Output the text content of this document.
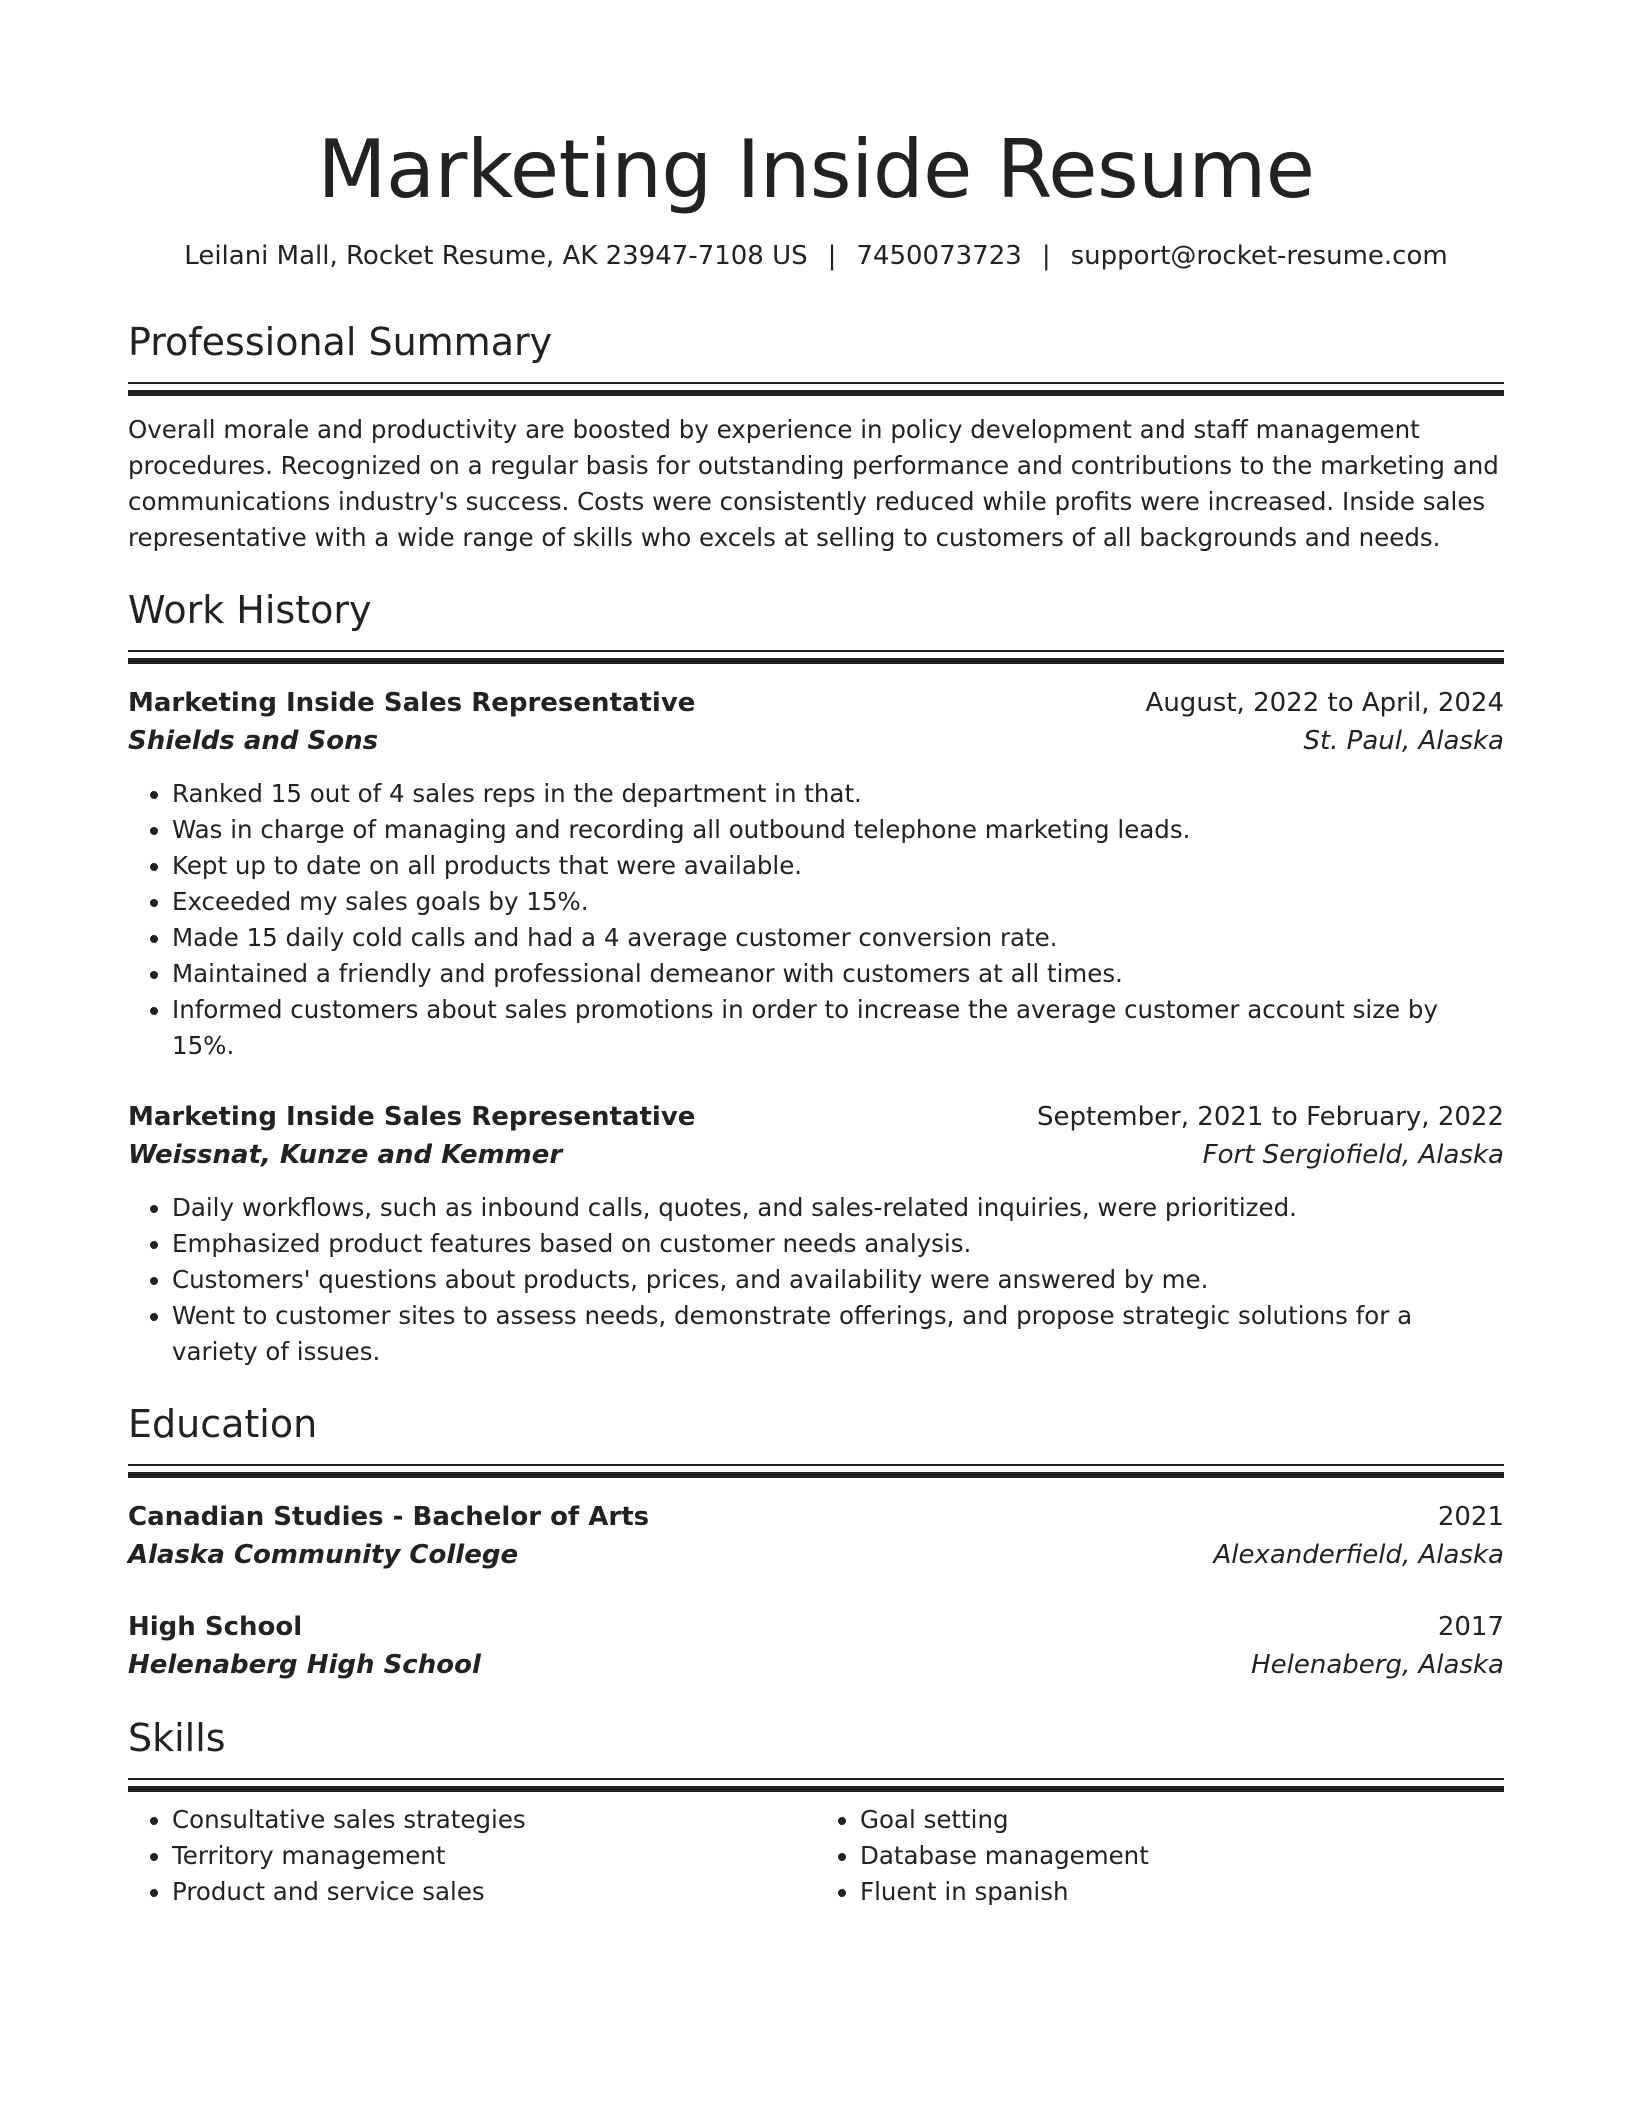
Marketing Inside Resume
Leilani Mall, Rocket Resume, AK 23947-7108 US | 7450073723 | support@rocket-resume.com
Professional Summary

Overall morale and productivity are boosted by experience in policy development and staff management procedures. Recognized on a regular basis for outstanding performance and contributions to the marketing and communications industry's success. Costs were consistently reduced while profits were increased. Inside sales representative with a wide range of skills who excels at selling to customers of all backgrounds and needs.

Work History
Marketing Inside Sales Representative	August, 2022 to April, 2024
Shields and Sons	St. Paul, Alaska
• Ranked 15 out of 4 sales reps in the department in that.
• Was in charge of managing and recording all outbound telephone marketing leads.
• Kept up to date on all products that were available.
• Exceeded my sales goals by 15%.
• Made 15 daily cold calls and had a 4 average customer conversion rate.
• Maintained a friendly and professional demeanor with customers at all times.
• Informed customers about sales promotions in order to increase the average customer account size by 15%.
Marketing Inside Sales Representative	September, 2021 to February, 2022
Weissnat, Kunze and Kemmer	Fort Sergiofield, Alaska
• Daily workflows, such as inbound calls, quotes, and sales-related inquiries, were prioritized.
• Emphasized product features based on customer needs analysis.
• Customers' questions about products, prices, and availability were answered by me.
• Went to customer sites to assess needs, demonstrate offerings, and propose strategic solutions for a variety of issues.
Education
Canadian Studies - Bachelor of Arts	2021
Alaska Community College	Alexanderfield, Alaska
High School	2017
Helenaberg High School	Helenaberg, Alaska
Skills
• Consultative sales strategies
• Territory management
• Product and service sales
• Goal setting
• Database management
• Fluent in spanish
